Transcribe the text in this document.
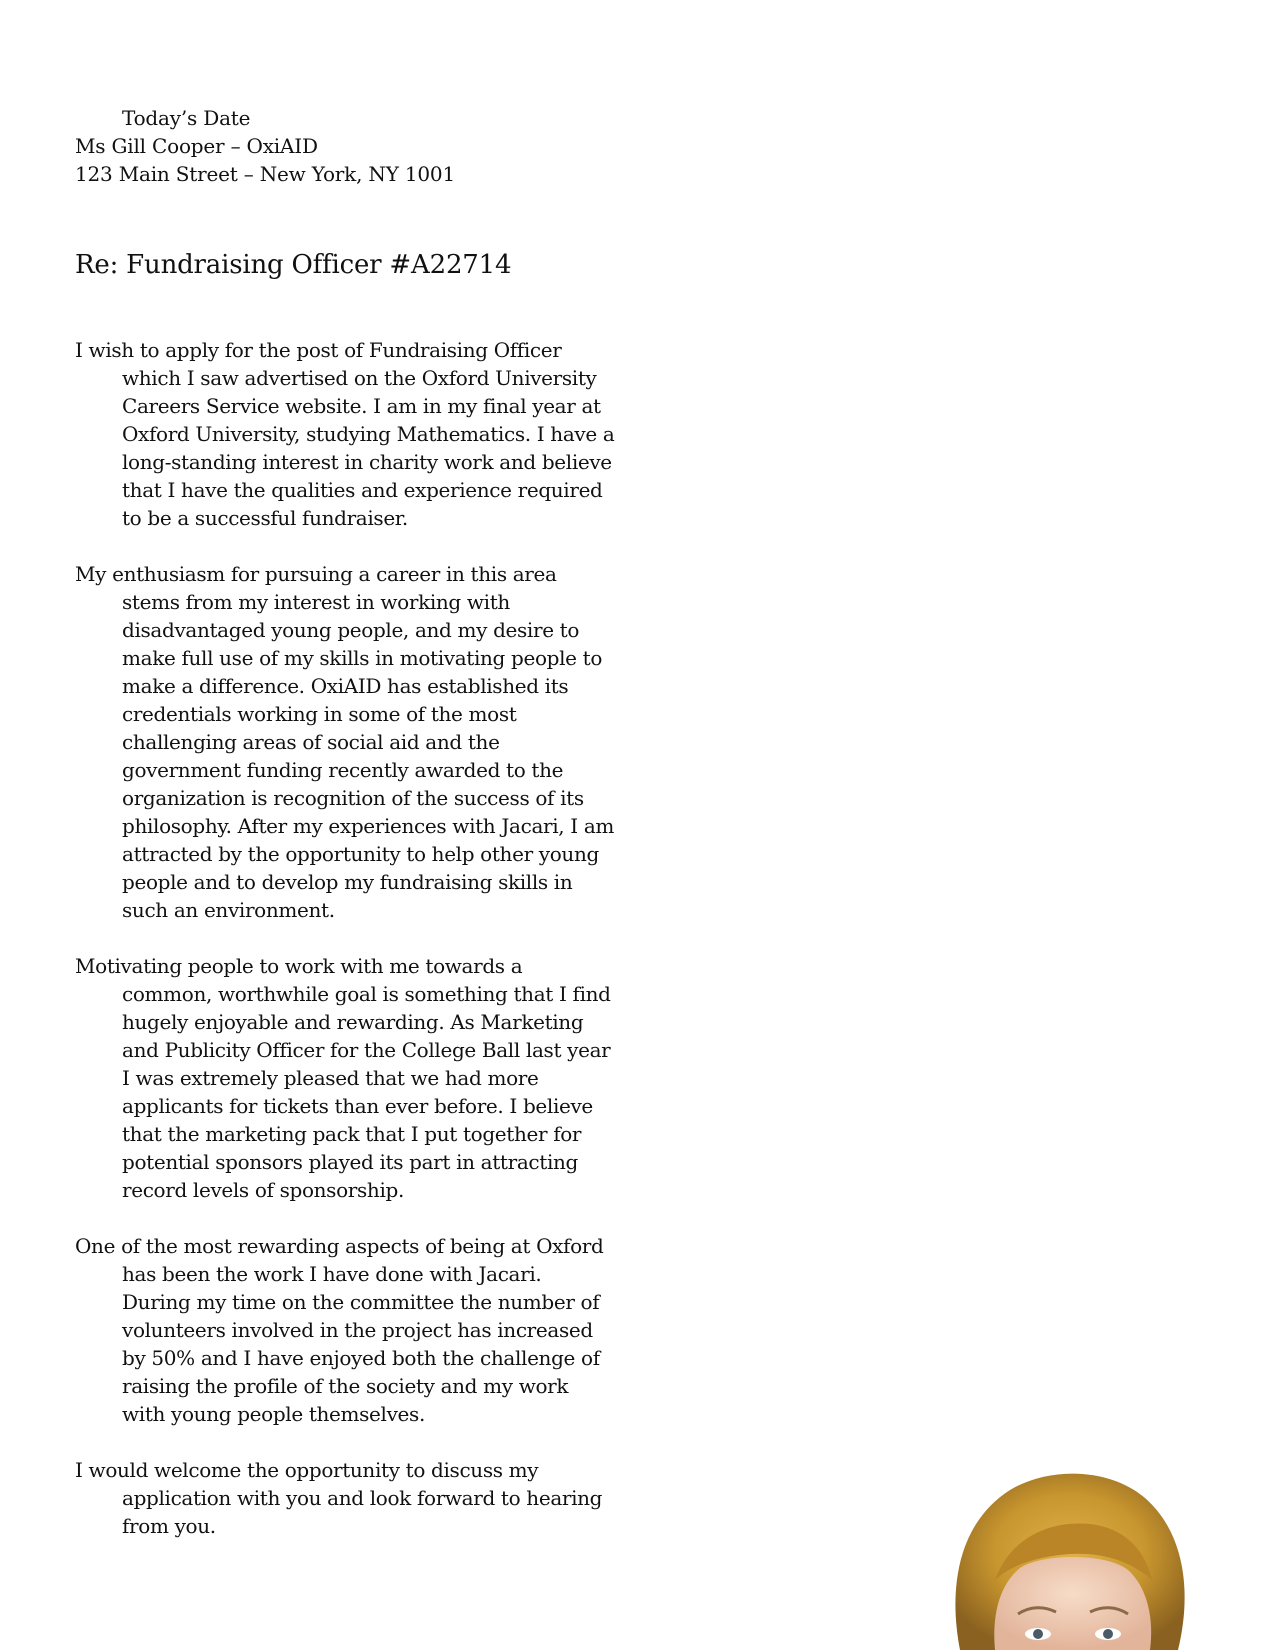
Today’s Date
Ms Gill Cooper – OxiAID
123 Main Street – New York, NY 1001
Re: Fundraising Officer #A22714

I wish to apply for the post of Fundraising Officer which I saw advertised on the Oxford University Careers Service website. I am in my final year at Oxford University, studying Mathematics. I have a long-standing interest in charity work and believe that I have the qualities and experience required to be a successful fundraiser.

My enthusiasm for pursuing a career in this area stems from my interest in working with disadvantaged young people, and my desire to make full use of my skills in motivating people to make a difference. OxiAID has established its credentials working in some of the most challenging areas of social aid and the government funding recently awarded to the organization is recognition of the success of its philosophy. After my experiences with Jacari, I am attracted by the opportunity to help other young people and to develop my fundraising skills in such an environment.

Motivating people to work with me towards a common, worthwhile goal is something that I find hugely enjoyable and rewarding. As Marketing and Publicity Officer for the College Ball last year I was extremely pleased that we had more applicants for tickets than ever before. I believe that the marketing pack that I put together for potential sponsors played its part in attracting record levels of sponsorship.

One of the most rewarding aspects of being at Oxford has been the work I have done with Jacari. During my time on the committee the number of volunteers involved in the project has increased by 50% and I have enjoyed both the challenge of raising the profile of the society and my work with young people themselves.

I would welcome the opportunity to discuss my application with you and look forward to hearing from you.
